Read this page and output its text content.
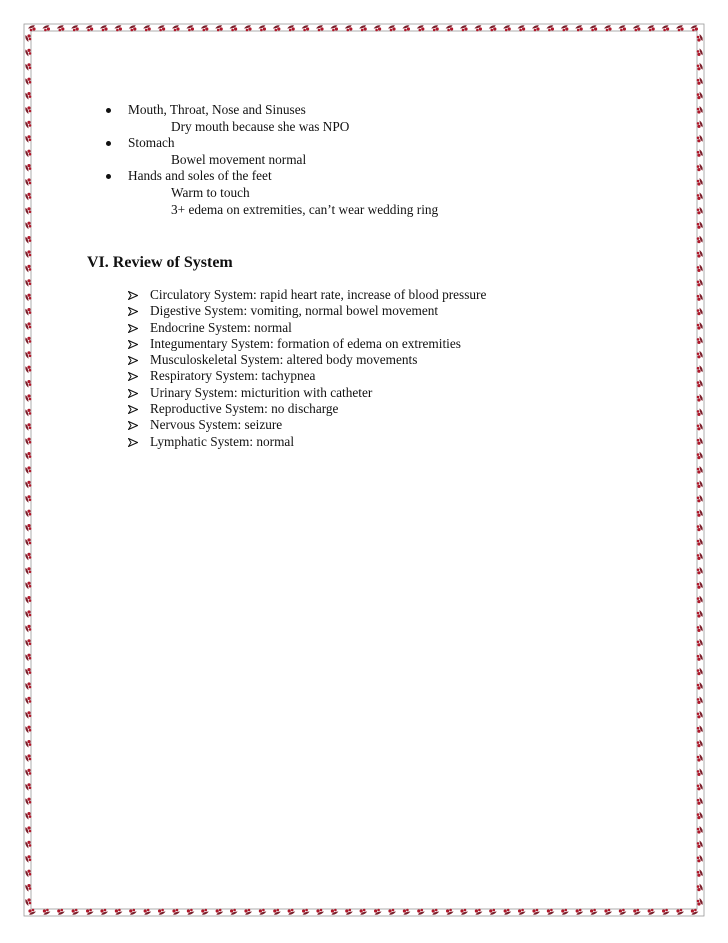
Mouth, Throat, Nose and Sinuses
Dry mouth because she was NPO
Stomach
Bowel movement normal
Hands and soles of the feet
Warm to touch
3+ edema on extremities, can’t wear wedding ring
VI. Review of System
Circulatory System: rapid heart rate, increase of blood pressure
Digestive System: vomiting, normal bowel movement
Endocrine System: normal
Integumentary System: formation of edema on extremities
Musculoskeletal System: altered body movements
Respiratory System: tachypnea
Urinary System: micturition with catheter
Reproductive System: no discharge
Nervous System: seizure
Lymphatic System: normal
